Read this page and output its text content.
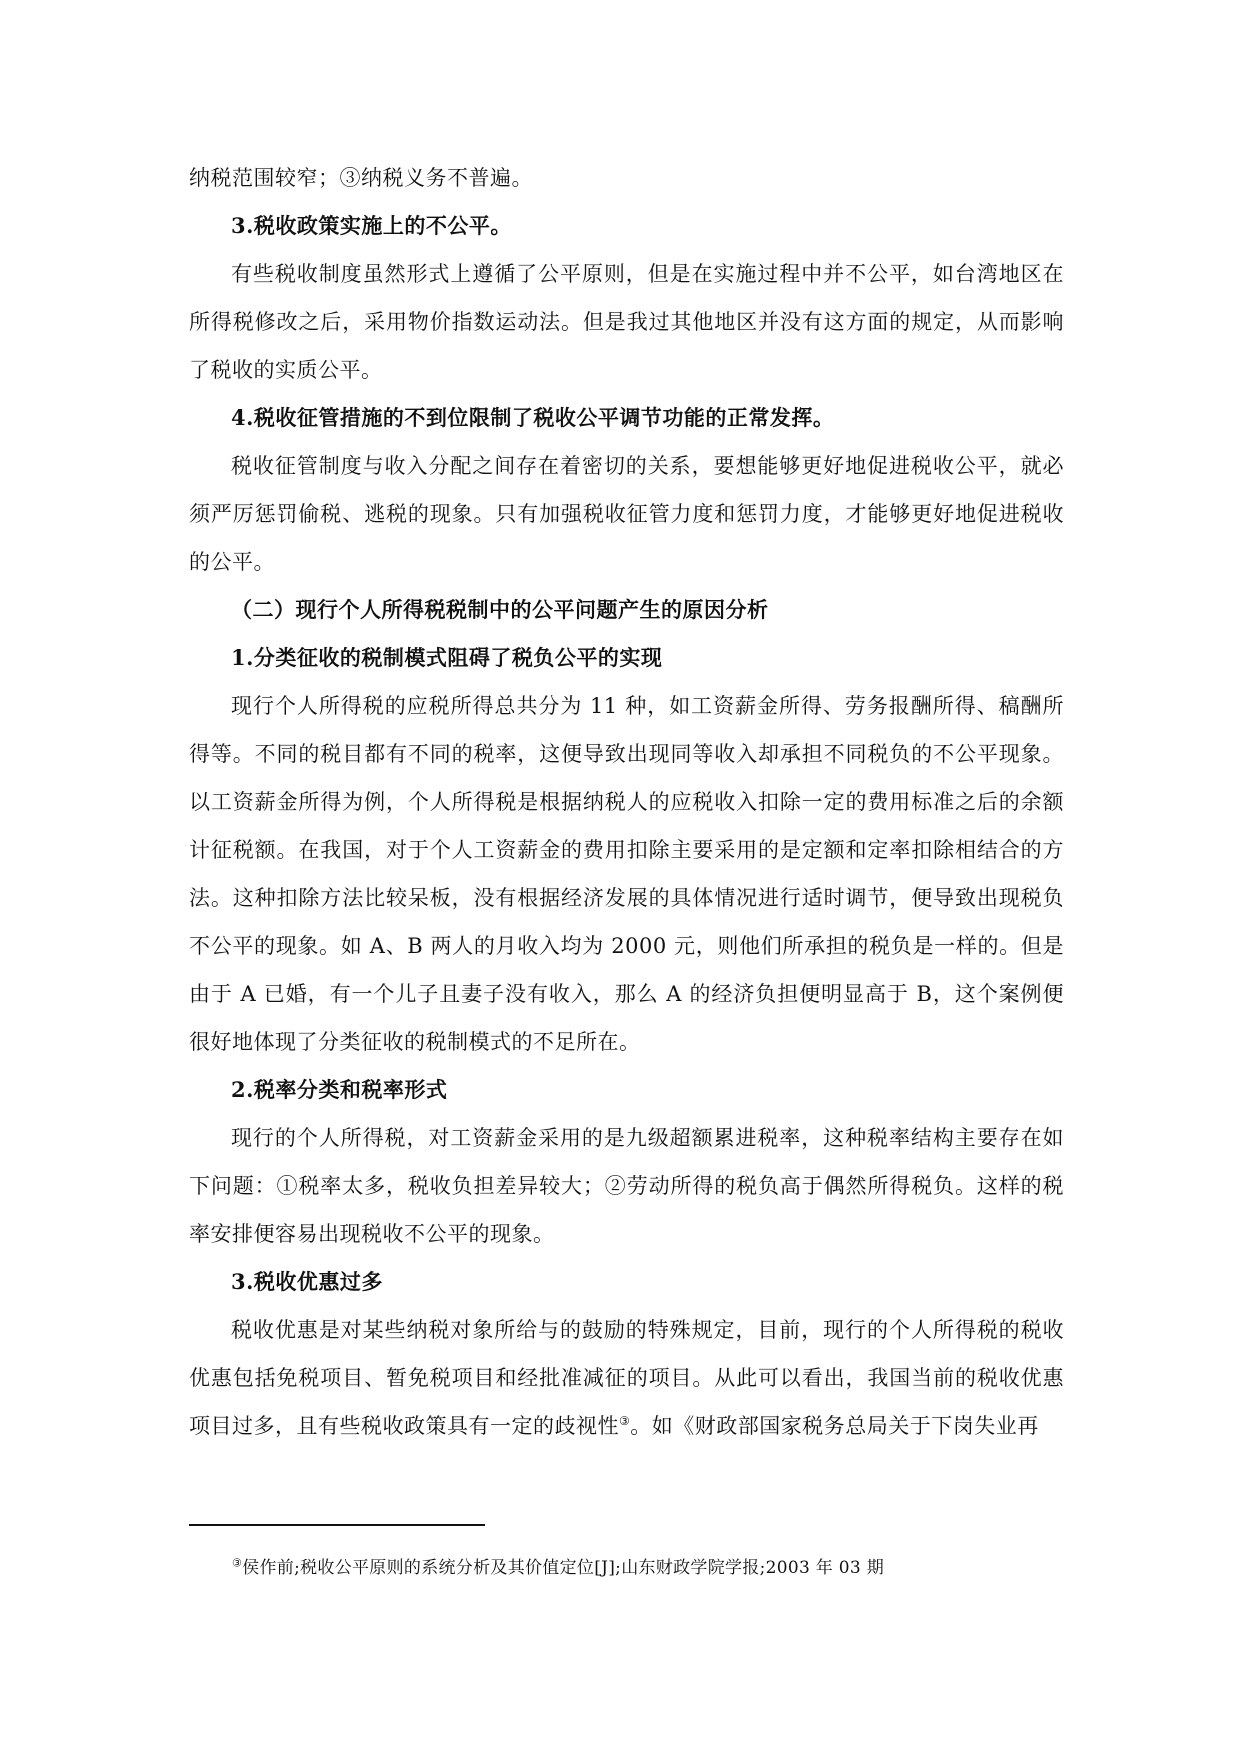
纳税范围较窄；③纳税义务不普遍。

3.税收政策实施上的不公平。

有些税收制度虽然形式上遵循了公平原则，但是在实施过程中并不公平，如台湾地区在所得税修改之后，采用物价指数运动法。但是我过其他地区并没有这方面的规定，从而影响了税收的实质公平。

4.税收征管措施的不到位限制了税收公平调节功能的正常发挥。

税收征管制度与收入分配之间存在着密切的关系，要想能够更好地促进税收公平，就必须严厉惩罚偷税、逃税的现象。只有加强税收征管力度和惩罚力度，才能够更好地促进税收的公平。

（二）现行个人所得税税制中的公平问题产生的原因分析

1.分类征收的税制模式阻碍了税负公平的实现

现行个人所得税的应税所得总共分为 11 种，如工资薪金所得、劳务报酬所得、稿酬所得等。不同的税目都有不同的税率，这便导致出现同等收入却承担不同税负的不公平现象。以工资薪金所得为例，个人所得税是根据纳税人的应税收入扣除一定的费用标准之后的余额计征税额。在我国，对于个人工资薪金的费用扣除主要采用的是定额和定率扣除相结合的方法。这种扣除方法比较呆板，没有根据经济发展的具体情况进行适时调节，便导致出现税负不公平的现象。如 A、B 两人的月收入均为 2000 元，则他们所承担的税负是一样的。但是由于 A 已婚，有一个儿子且妻子没有收入，那么 A 的经济负担便明显高于 B，这个案例便很好地体现了分类征收的税制模式的不足所在。

2.税率分类和税率形式

现行的个人所得税，对工资薪金采用的是九级超额累进税率，这种税率结构主要存在如下问题：①税率太多，税收负担差异较大；②劳动所得的税负高于偶然所得税负。这样的税率安排便容易出现税收不公平的现象。

3.税收优惠过多

税收优惠是对某些纳税对象所给与的鼓励的特殊规定，目前，现行的个人所得税的税收优惠包括免税项目、暂免税项目和经批准减征的项目。从此可以看出，我国当前的税收优惠项目过多，且有些税收政策具有一定的歧视性③。如《财政部国家税务总局关于下岗失业再

③侯作前;税收公平原则的系统分析及其价值定位[J];山东财政学院学报;2003 年 03 期
